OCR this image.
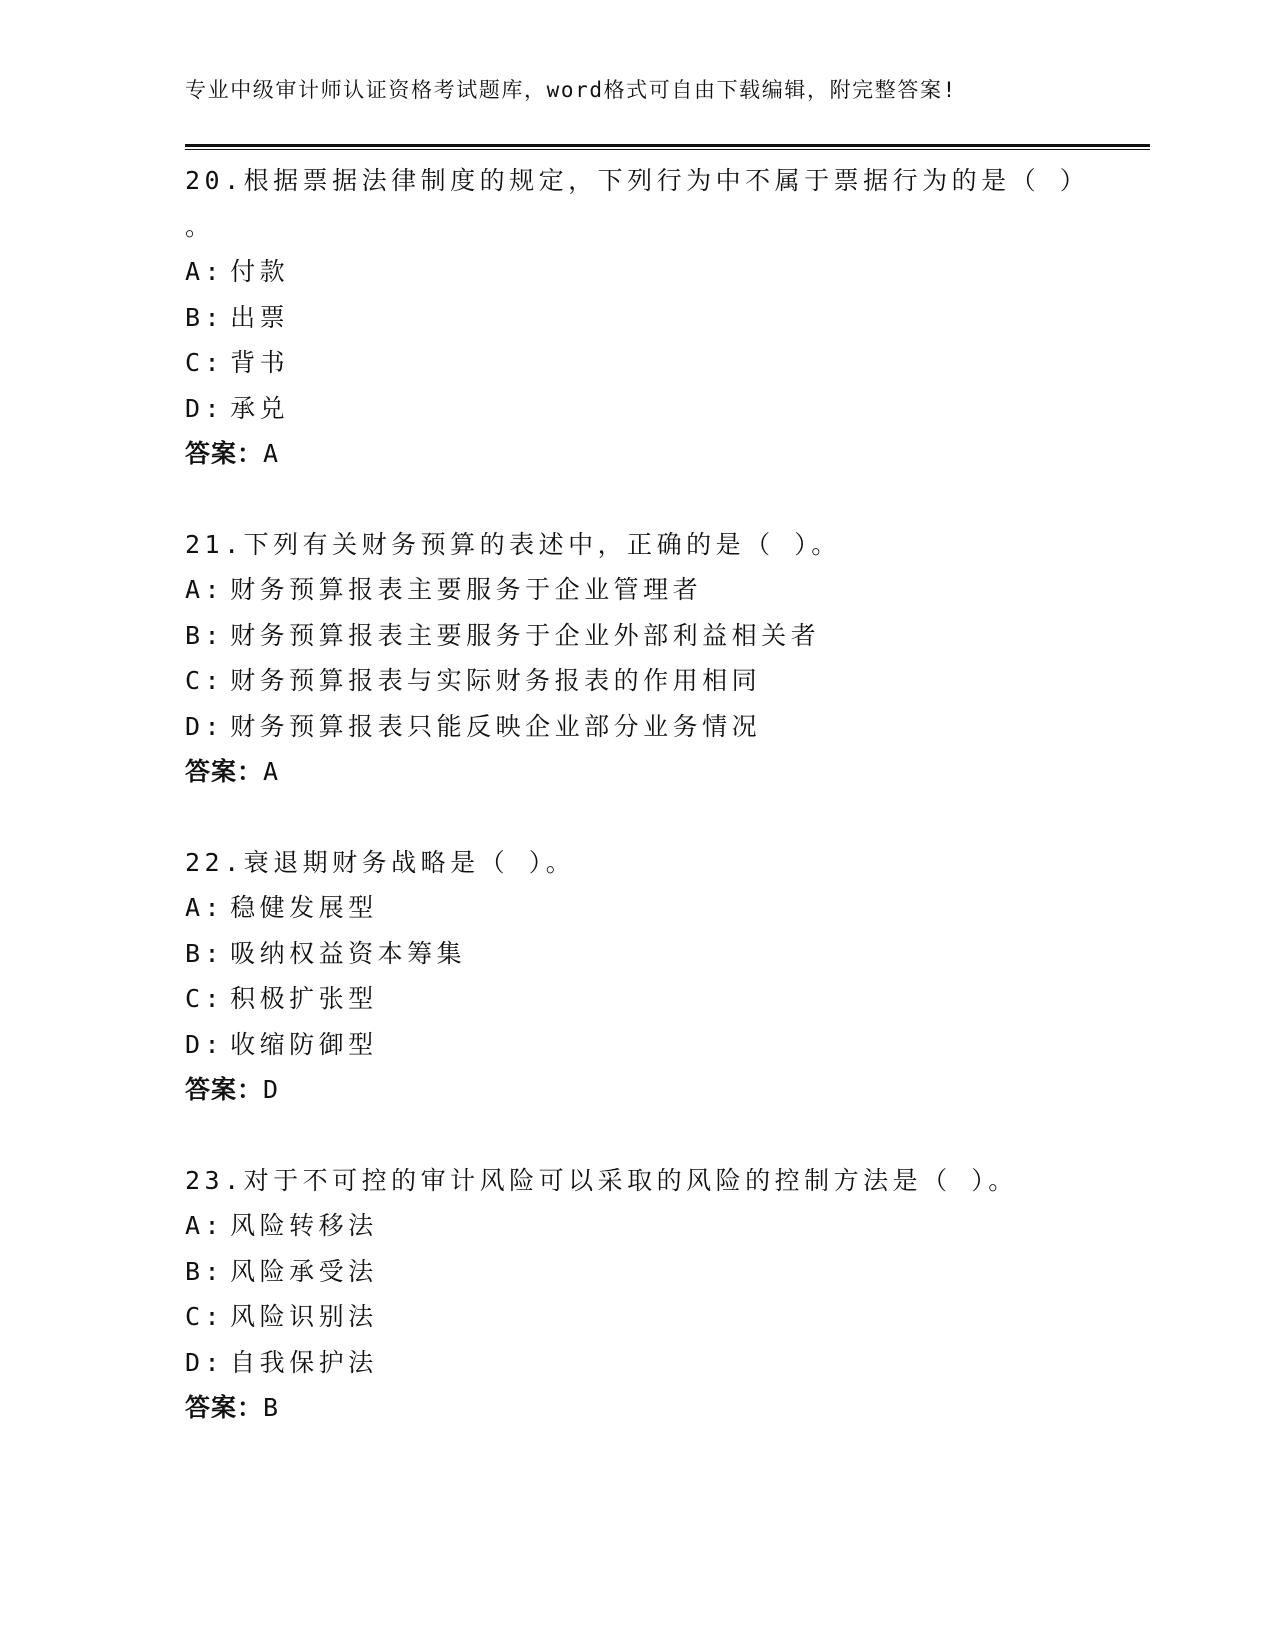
专业中级审计师认证资格考试题库，word格式可自由下载编辑，附完整答案!
20.根据票据法律制度的规定，下列行为中不属于票据行为的是（ ）
。
A: 付款
B: 出票
C: 背书
D: 承兑
答案：A
21.下列有关财务预算的表述中，正确的是（ ）。
A: 财务预算报表主要服务于企业管理者
B: 财务预算报表主要服务于企业外部利益相关者
C: 财务预算报表与实际财务报表的作用相同
D: 财务预算报表只能反映企业部分业务情况
答案：A
22.衰退期财务战略是（ ）。
A: 稳健发展型
B: 吸纳权益资本筹集
C: 积极扩张型
D: 收缩防御型
答案：D
23.对于不可控的审计风险可以采取的风险的控制方法是（ ）。
A: 风险转移法
B: 风险承受法
C: 风险识别法
D: 自我保护法
答案：B
